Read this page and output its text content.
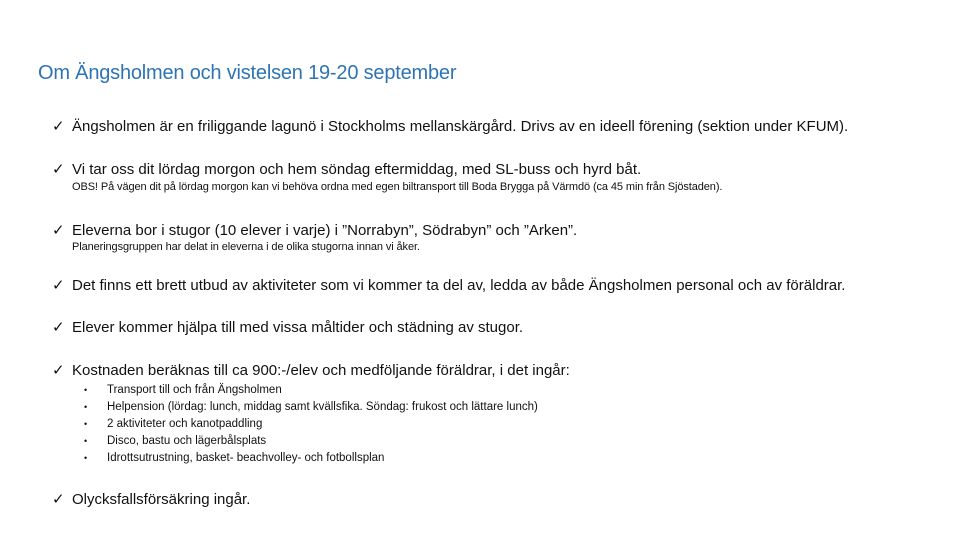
Om Ängsholmen och vistelsen 19-20 september
✓ Ängsholmen är en friliggande lagunö i Stockholms mellanskärgård. Drivs av en ideell förening (sektion under KFUM).
✓ Vi tar oss dit lördag morgon och hem söndag eftermiddag, med SL-buss och hyrd båt.
OBS! På vägen dit på lördag morgon kan vi behöva ordna med egen biltransport till Boda Brygga på Värmdö (ca 45 min från Sjöstaden).
✓ Eleverna bor i stugor (10 elever i varje) i ”Norrabyn”, Södrabyn” och ”Arken”.
Planeringsgruppen har delat in eleverna i de olika stugorna innan vi åker.
✓ Det finns ett brett utbud av aktiviteter som vi kommer ta del av, ledda av både Ängsholmen personal och av föräldrar.
✓ Elever kommer hjälpa till med vissa måltider och städning av stugor.
✓ Kostnaden beräknas till ca 900:-/elev och medföljande föräldrar, i det ingår:
•	Transport till och från Ängsholmen
•	Helpension (lördag: lunch, middag samt kvällsfika. Söndag: frukost och lättare lunch)
•	2 aktiviteter och kanotpaddling
•	Disco, bastu och lägerbålsplats
•	Idrottsutrustning, basket- beachvolley- och fotbollsplan
✓ Olycksfallsförsäkring ingår.
